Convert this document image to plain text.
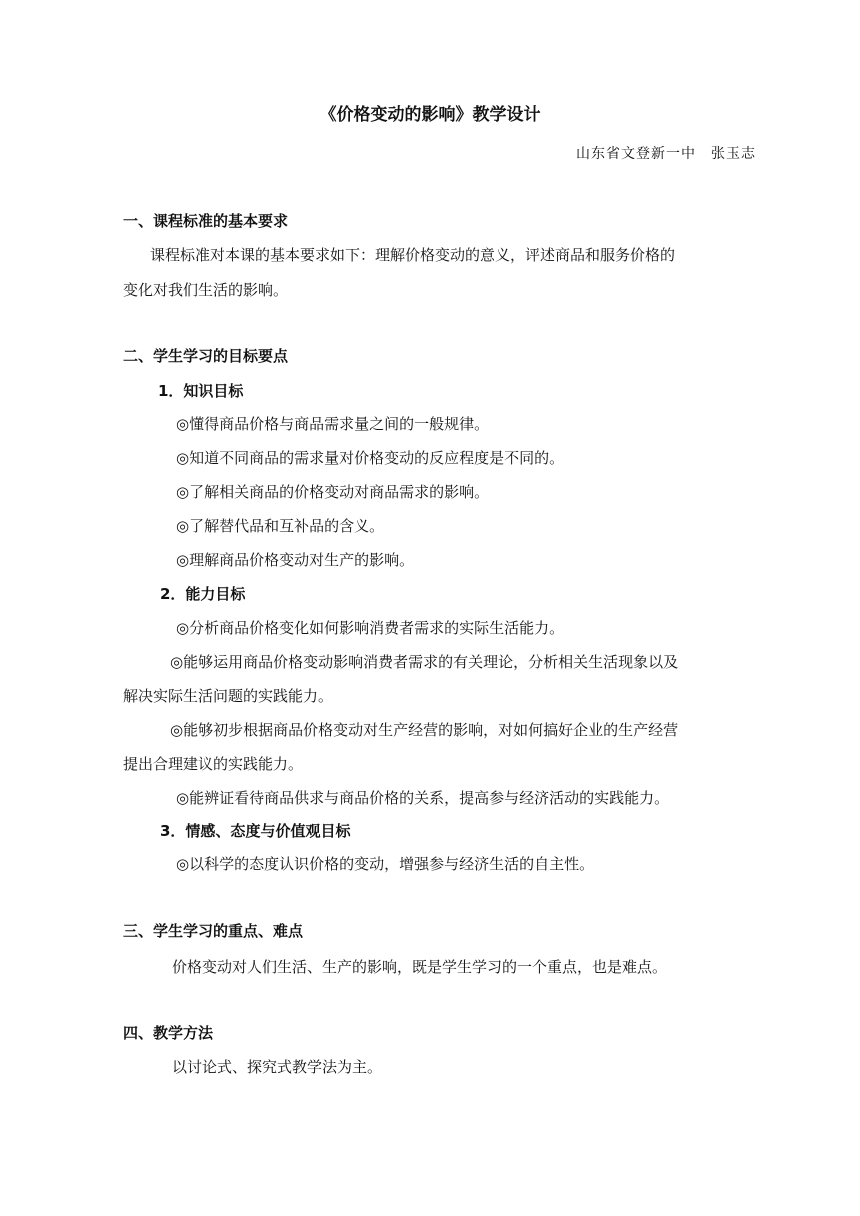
《价格变动的影响》教学设计
山东省文登新一中　张玉志
一、课程标准的基本要求
课程标准对本课的基本要求如下：理解价格变动的意义，评述商品和服务价格的
变化对我们生活的影响。
二、学生学习的目标要点
1．知识目标
◎懂得商品价格与商品需求量之间的一般规律。
◎知道不同商品的需求量对价格变动的反应程度是不同的。
◎了解相关商品的价格变动对商品需求的影响。
◎了解替代品和互补品的含义。
◎理解商品价格变动对生产的影响。
2．能力目标
◎分析商品价格变化如何影响消费者需求的实际生活能力。
◎能够运用商品价格变动影响消费者需求的有关理论，分析相关生活现象以及
解决实际生活问题的实践能力。
◎能够初步根据商品价格变动对生产经营的影响，对如何搞好企业的生产经营
提出合理建议的实践能力。
◎能辨证看待商品供求与商品价格的关系，提高参与经济活动的实践能力。
3．情感、态度与价值观目标
◎以科学的态度认识价格的变动，增强参与经济生活的自主性。
三、学生学习的重点、难点
价格变动对人们生活、生产的影响，既是学生学习的一个重点，也是难点。
四、教学方法
以讨论式、探究式教学法为主。
